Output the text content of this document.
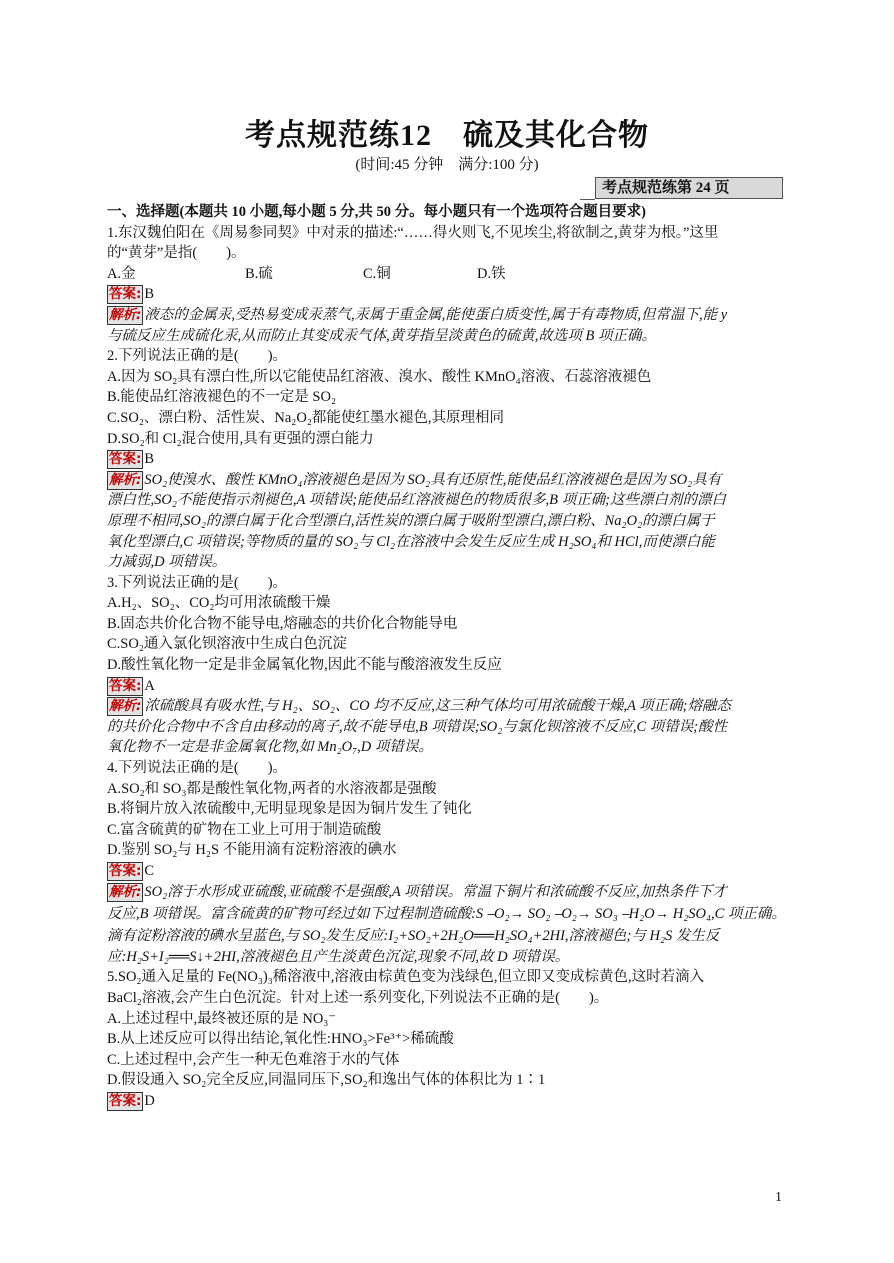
考点规范练12　硫及其化合物
(时间:45 分钟　满分:100 分)
考点规范练第 24 页
一、选择题(本题共 10 小题,每小题 5 分,共 50 分。每小题只有一个选项符合题目要求)
1.东汉魏伯阳在《周易参同契》中对汞的描述:“……得火则飞,不见埃尘,将欲制之,黄芽为根。”这里
的“黄芽”是指(　　)。
A.金	B.硫	C.铜	D.铁
答案: B
解析: 液态的金属汞,受热易变成汞蒸气,汞属于重金属,能使蛋白质变性,属于有毒物质,但常温下,能 y
与硫反应生成硫化汞,从而防止其变成汞气体,黄芽指呈淡黄色的硫黄,故选项 B 项正确。
2.下列说法正确的是(　　)。
A.因为 SO₂具有漂白性,所以它能使品红溶液、溴水、酸性 KMnO₄溶液、石蕊溶液褪色
B.能使品红溶液褪色的不一定是 SO₂
C.SO₂、漂白粉、活性炭、Na₂O₂都能使红墨水褪色,其原理相同
D.SO₂和 Cl₂混合使用,具有更强的漂白能力
答案: B
解析: SO₂使溴水、酸性 KMnO₄溶液褪色是因为 SO₂具有还原性,能使品红溶液褪色是因为 SO₂具有
漂白性,SO₂不能使指示剂褪色,A 项错误;能使品红溶液褪色的物质很多,B 项正确;这些漂白剂的漂白
原理不相同,SO₂的漂白属于化合型漂白,活性炭的漂白属于吸附型漂白,漂白粉、Na₂O₂的漂白属于
氧化型漂白,C 项错误;等物质的量的 SO₂与 Cl₂在溶液中会发生反应生成 H₂SO₄和 HCl,而使漂白能
力减弱,D 项错误。
3.下列说法正确的是(　　)。
A.H₂、SO₂、CO₂均可用浓硫酸干燥
B.固态共价化合物不能导电,熔融态的共价化合物能导电
C.SO₂通入氯化钡溶液中生成白色沉淀
D.酸性氧化物一定是非金属氧化物,因此不能与酸溶液发生反应
答案: A
解析: 浓硫酸具有吸水性,与 H₂、SO₂、CO 均不反应,这三种气体均可用浓硫酸干燥,A 项正确;熔融态
的共价化合物中不含自由移动的离子,故不能导电,B 项错误;SO₂与氯化钡溶液不反应,C 项错误;酸性
氧化物不一定是非金属氧化物,如 Mn₂O₇,D 项错误。
4.下列说法正确的是(　　)。
A.SO₂和 SO₃都是酸性氧化物,两者的水溶液都是强酸
B.将铜片放入浓硫酸中,无明显现象是因为铜片发生了钝化
C.富含硫黄的矿物在工业上可用于制造硫酸
D.鉴别 SO₂与 H₂S 不能用滴有淀粉溶液的碘水
答案: C
解析: SO₂溶于水形成亚硫酸,亚硫酸不是强酸,A 项错误。常温下铜片和浓硫酸不反应,加热条件下才
反应,B 项错误。富含硫黄的矿物可经过如下过程制造硫酸:S ⎯O₂→ SO₂ ⎯O₂→ SO₃ ⎯H₂O→ H₂SO₄,C 项正确。
滴有淀粉溶液的碘水呈蓝色,与 SO₂发生反应:I₂+SO₂+2H₂O══H₂SO₄+2HI,溶液褪色;与 H₂S 发生反
应:H₂S+I₂══S↓+2HI,溶液褪色且产生淡黄色沉淀,现象不同,故 D 项错误。
5.SO₂通入足量的 Fe(NO₃)₃稀溶液中,溶液由棕黄色变为浅绿色,但立即又变成棕黄色,这时若滴入
BaCl₂溶液,会产生白色沉淀。针对上述一系列变化,下列说法不正确的是(　　)。
A.上述过程中,最终被还原的是 NO₃⁻
B.从上述反应可以得出结论,氧化性:HNO₃>Fe³⁺>稀硫酸
C.上述过程中,会产生一种无色难溶于水的气体
D.假设通入 SO₂完全反应,同温同压下,SO₂和逸出气体的体积比为 1∶1
答案: D
1
